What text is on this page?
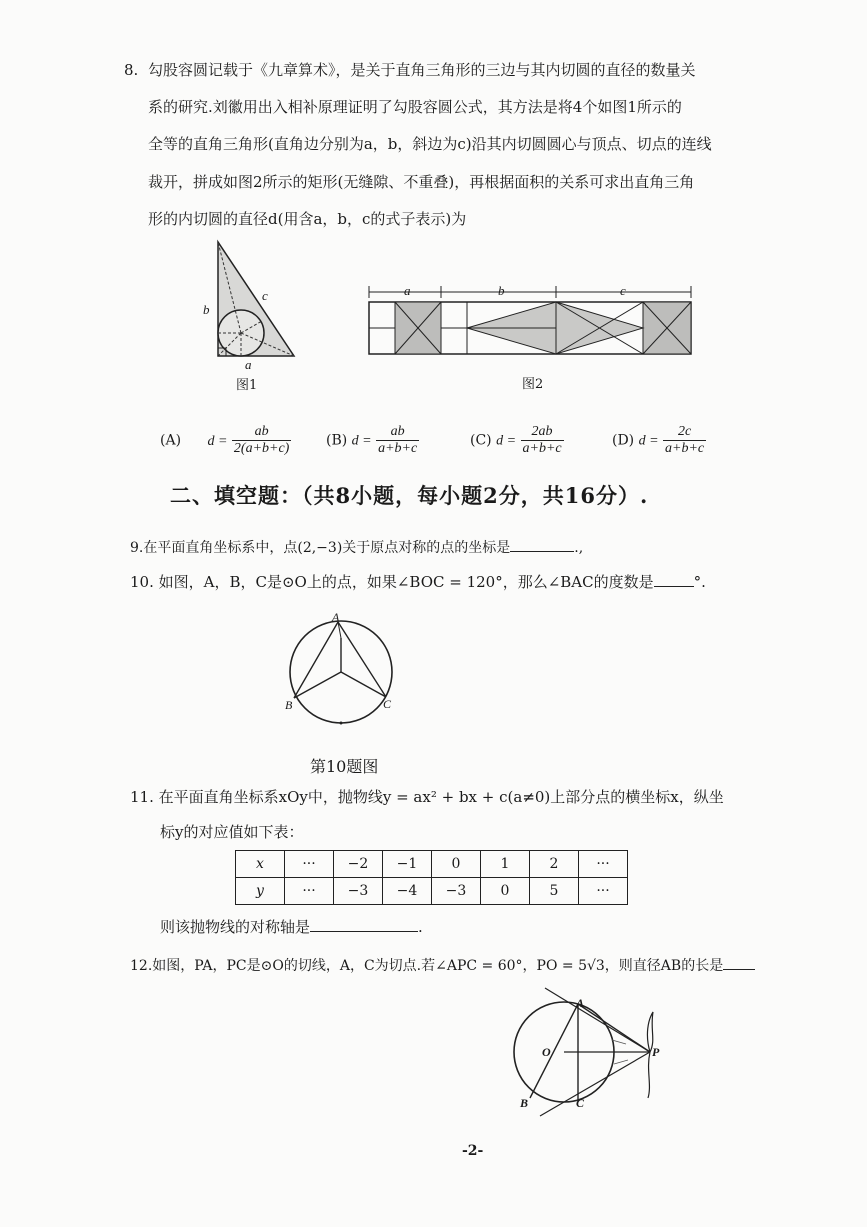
8. 勾股容圆记载于《九章算术》，是关于直角三角形的三边与其内切圆的直径的数量关
系的研究.刘徽用出入相补原理证明了勾股容圆公式，其方法是将4个如图1所示的
全等的直角三角形(直角边分别为a，b，斜边为c)沿其内切圆圆心与顶点、切点的连线
裁开，拼成如图2所示的矩形(无缝隙、不重叠)，再根据面积的关系可求出直角三角
形的内切圆的直径d(用含a，b，c的式子表示)为
b
c
a
图1
a	b	c
图2
(A) $d = \frac{ab}{2(a+b+c)} (B) d = \frac{ab}{a+b+c}$	(C) $d = \frac{2ab}{a+b+c}$	(D) $d = \frac{2c}{a+b+c}$
二、填空题：（共8小题，每小题2分，共16分）.
9.在平面直角坐标系中，点(2,−3)关于原点对称的点的坐标是	.,
10. 如图，A，B，C是⊙O上的点，如果∠BOC = 120°，那么∠BAC的度数是	°.
A
B	C
第10题图
11. 在平面直角坐标系xOy中，抛物线y = ax² + bx + c(a≠0)上部分点的横坐标x，纵坐
标y的对应值如下表：
x	···	−2	−1	0	1	2	···
y	···	−3	−4	−3	0	5	···
则该抛物线的对称轴是	.
12.如图，PA，PC是⊙O的切线，A，C为切点.若∠APC = 60°，PO = 5√3，则直径AB的长是
A
O	P
B	C
-2-
